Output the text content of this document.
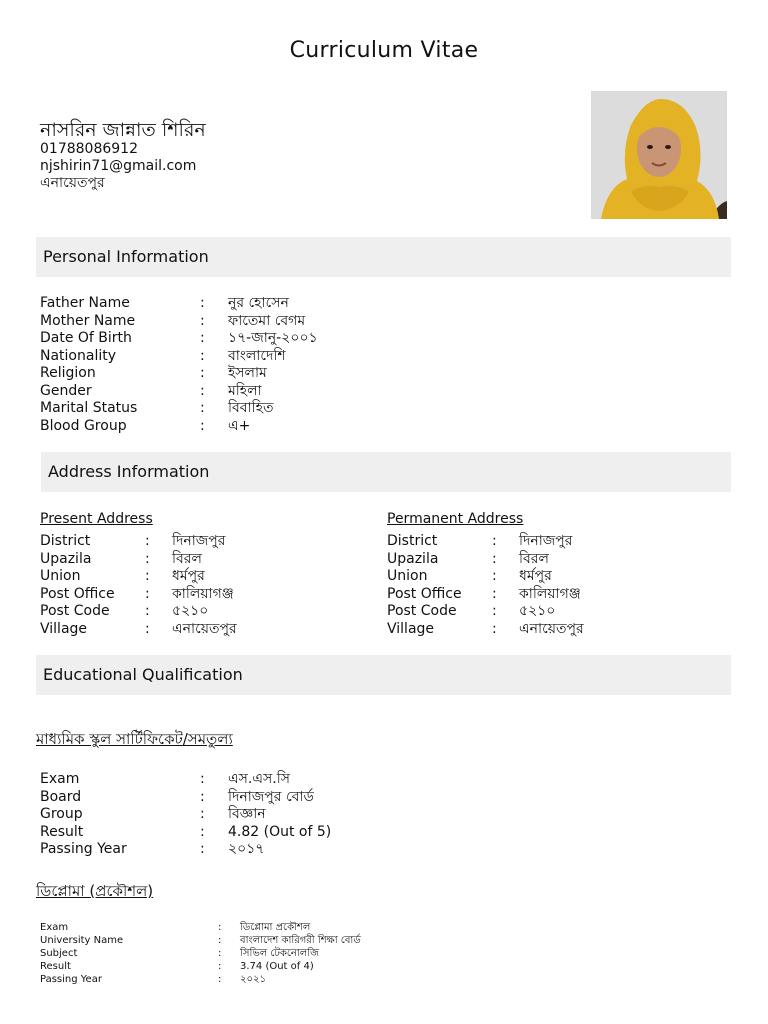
Curriculum Vitae
নাসরিন জান্নাত শিরিন
01788086912
njshirin71@gmail.com
এনায়েতপুর
Personal Information
Father Name	: নুর হোসেন
Mother Name	: ফাতেমা বেগম
Date Of Birth	: ১৭-জানু-২০০১
Nationality	: বাংলাদেশি
Religion	: ইসলাম
Gender	: মহিলা
Marital Status	: বিবাহিত
Blood Group	: এ+
Address Information
Present Address	Permanent Address
District	: দিনাজপুর
Upazila	: বিরল
Union	: ধর্মপুর
Post Office : কালিয়াগঞ্জ
Post Code	: ৫২১০
Village	: এনায়েতপুর
District	: দিনাজপুর
Upazila	: বিরল
Union	: ধর্মপুর
Post Office : কালিয়াগঞ্জ
Post Code	: ৫২১০
Village	: এনায়েতপুর
Educational Qualification
মাধ্যমিক স্কুল সার্টিফিকেট/সমতুল্য
Exam	: এস.এস.সি
Board	: দিনাজপুর বোর্ড
Group	: বিজ্ঞান
Result	: 4.82 (Out of 5)
Passing Year	: ২০১৭
ডিপ্লোমা (প্রকৌশল)
Exam	: ডিপ্লোমা প্রকৌশল
University Name	: বাংলাদেশ কারিগরী শিক্ষা বোর্ড
Subject	: সিভিল টেকনোলজি
Result	: 3.74 (Out of 4)
Passing Year	: ২০২১
